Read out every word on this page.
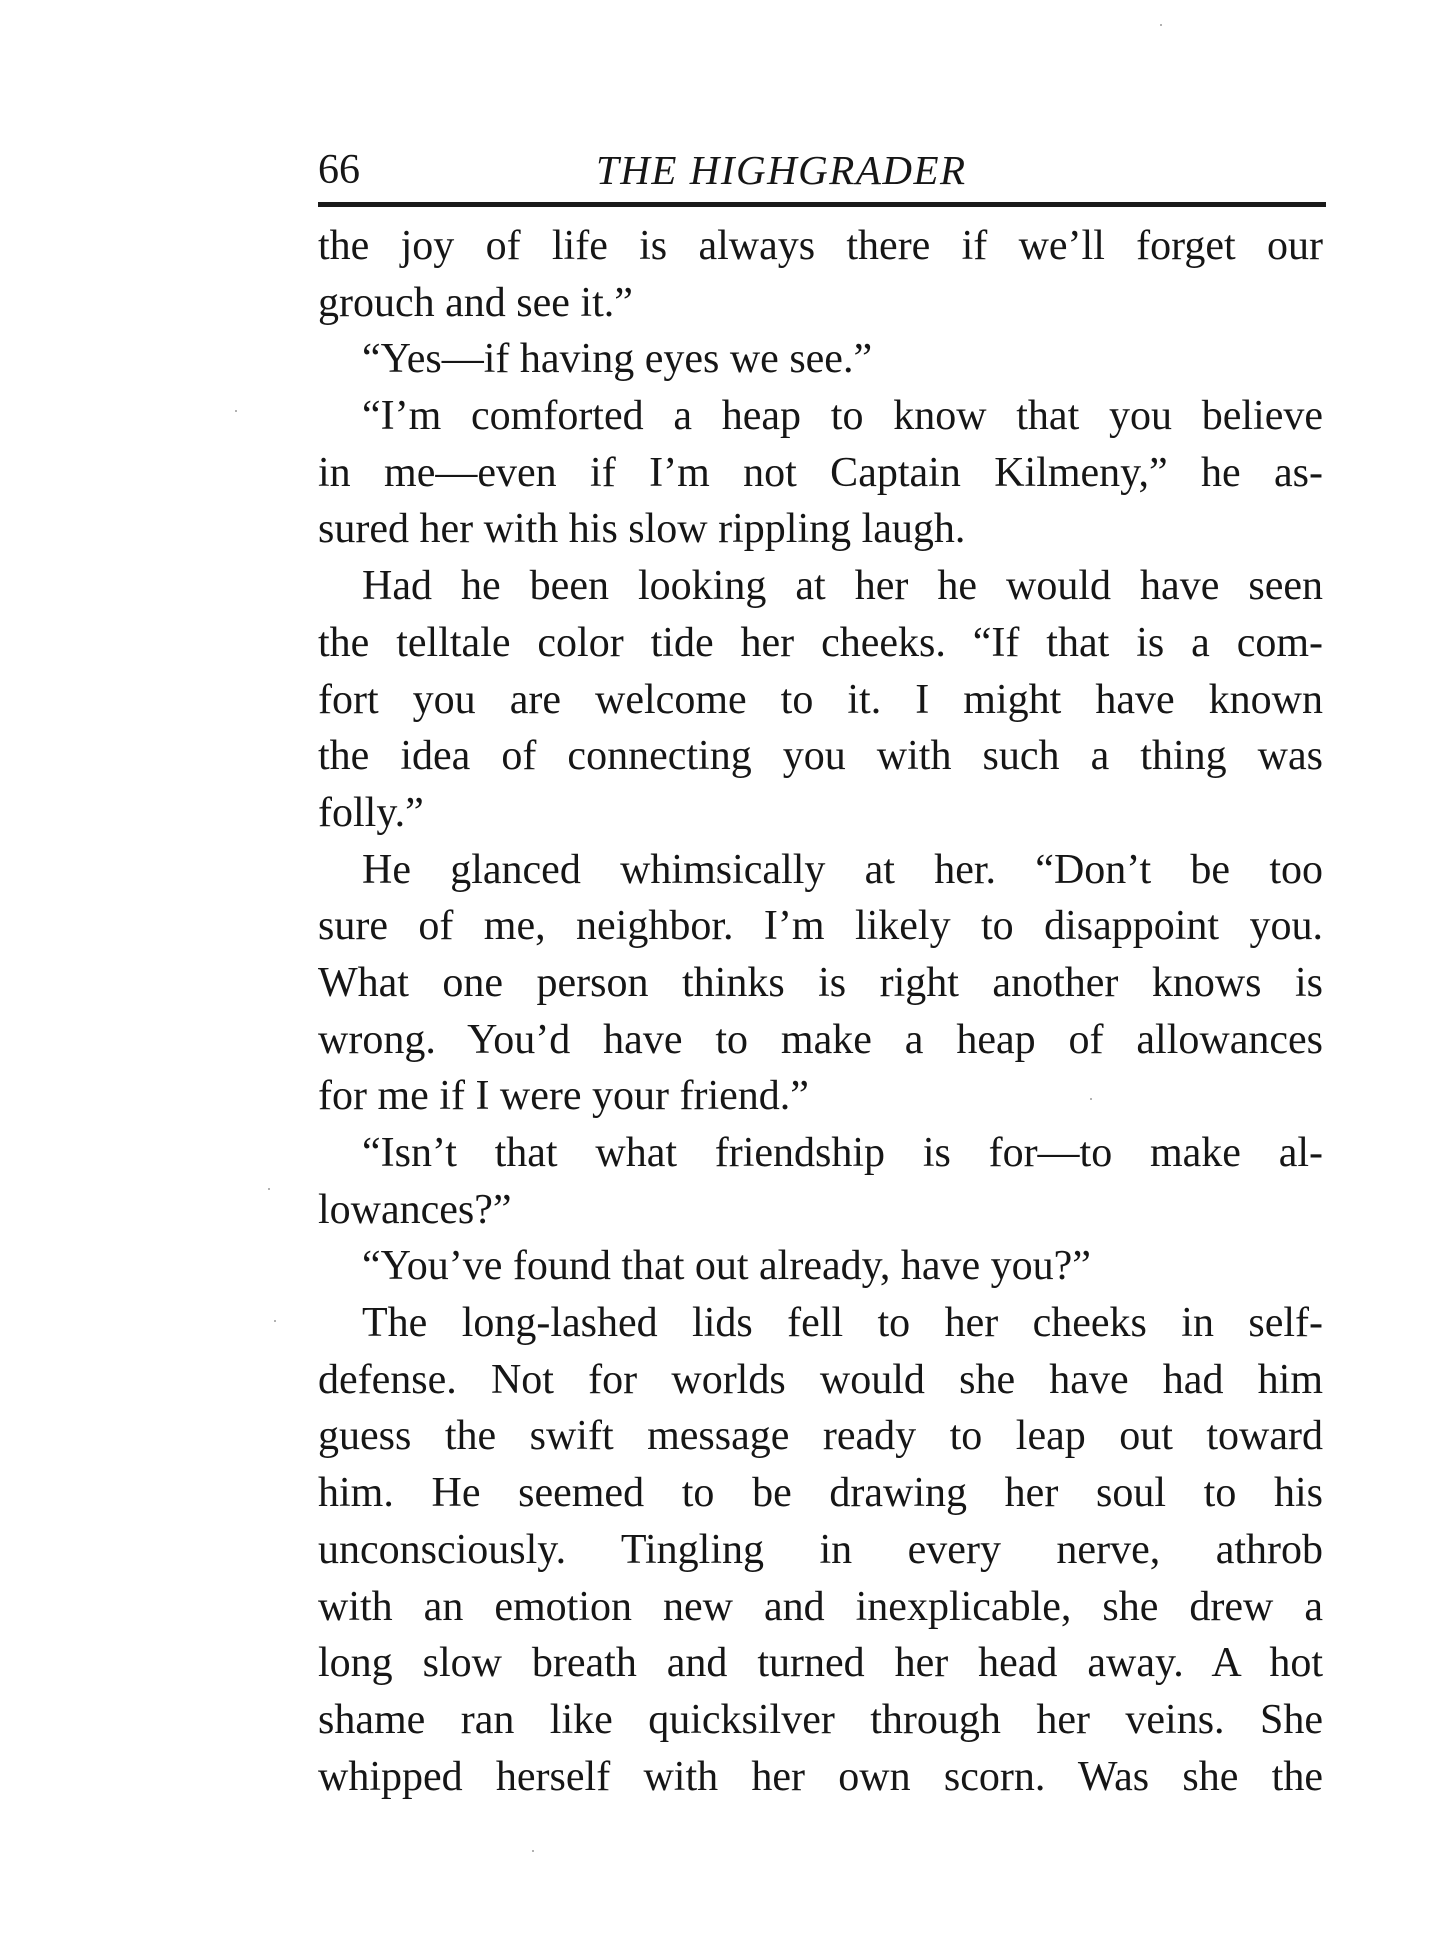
66	THE HIGHGRADER
the joy of life is always there if we’ll forget our
grouch and see it.”
“Yes—if having eyes we see.”
“I’m comforted a heap to know that you believe
in me—even if I’m not Captain Kilmeny,” he as-
sured her with his slow rippling laugh.
Had he been looking at her he would have seen
the telltale color tide her cheeks. “If that is a com-
fort you are welcome to it. I might have known
the idea of connecting you with such a thing was
folly.”
He glanced whimsically at her. “Don’t be too
sure of me, neighbor. I’m likely to disappoint you.
What one person thinks is right another knows is
wrong. You’d have to make a heap of allowances
for me if I were your friend.”
“Isn’t that what friendship is for—to make al-
lowances?”
“You’ve found that out already, have you?”
The long-lashed lids fell to her cheeks in self-
defense. Not for worlds would she have had him
guess the swift message ready to leap out toward
him. He seemed to be drawing her soul to his
unconsciously. Tingling in every nerve, athrob
with an emotion new and inexplicable, she drew a
long slow breath and turned her head away. A hot
shame ran like quicksilver through her veins. She
whipped herself with her own scorn. Was she the
